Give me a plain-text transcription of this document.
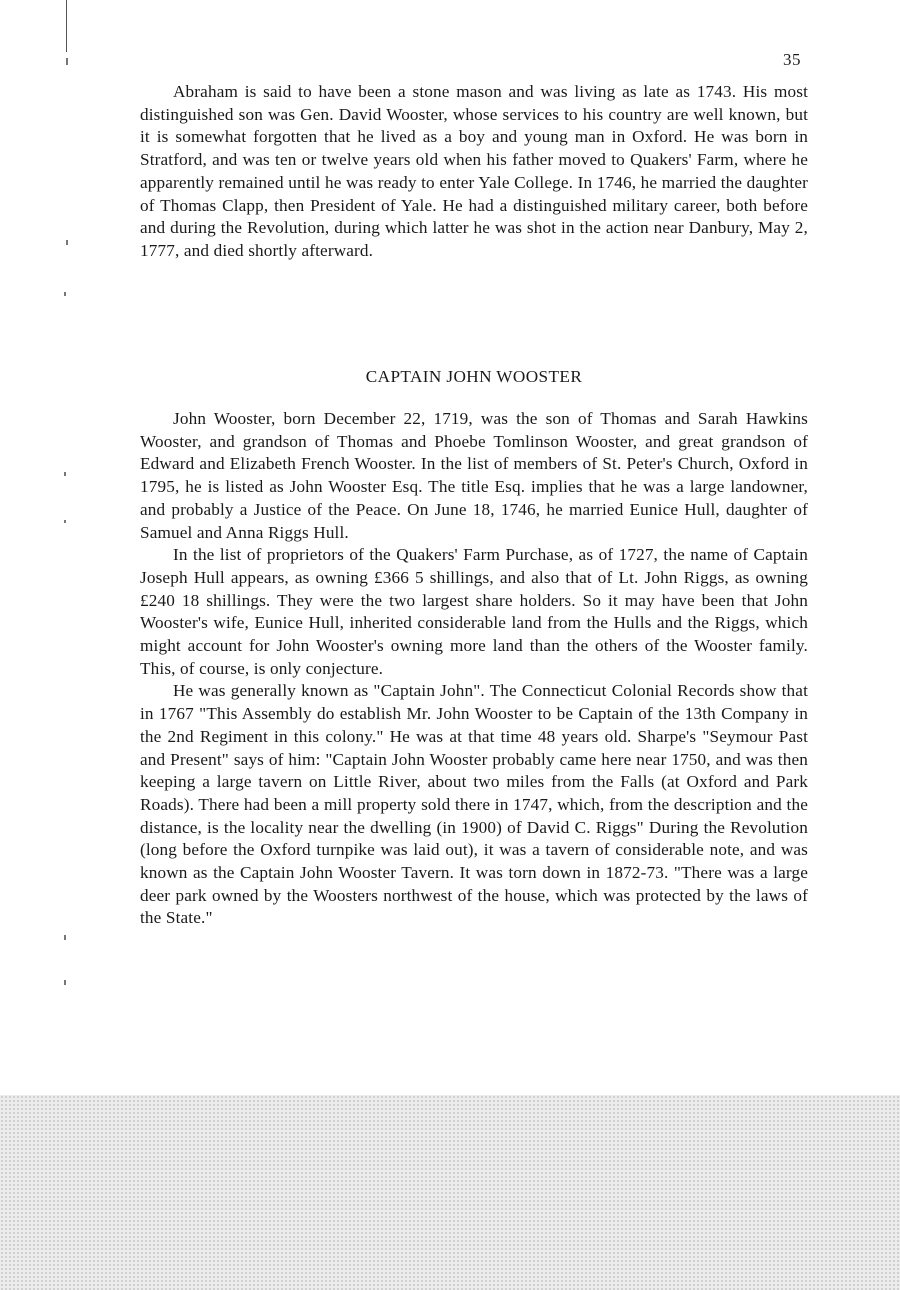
35

Abraham is said to have been a stone mason and was living as late as 1743. His most distinguished son was Gen. David Wooster, whose services to his country are well known, but it is somewhat forgotten that he lived as a boy and young man in Oxford. He was born in Stratford, and was ten or twelve years old when his father moved to Quakers' Farm, where he apparently remained until he was ready to enter Yale College. In 1746, he married the daughter of Thomas Clapp, then President of Yale. He had a distinguished military career, both before and during the Revolution, during which latter he was shot in the action near Danbury, May 2, 1777, and died shortly afterward.

CAPTAIN JOHN WOOSTER

John Wooster, born December 22, 1719, was the son of Thomas and Sarah Hawkins Wooster, and grandson of Thomas and Phoebe Tomlinson Wooster, and great grandson of Edward and Elizabeth French Wooster. In the list of members of St. Peter's Church, Oxford in 1795, he is listed as John Wooster Esq. The title Esq. implies that he was a large landowner, and probably a Justice of the Peace. On June 18, 1746, he married Eunice Hull, daughter of Samuel and Anna Riggs Hull.

In the list of proprietors of the Quakers' Farm Purchase, as of 1727, the name of Captain Joseph Hull appears, as owning £366 5 shillings, and also that of Lt. John Riggs, as owning £240 18 shillings. They were the two largest share holders. So it may have been that John Wooster's wife, Eunice Hull, inherited considerable land from the Hulls and the Riggs, which might account for John Wooster's owning more land than the others of the Wooster family. This, of course, is only conjecture.

He was generally known as "Captain John". The Connecticut Colonial Records show that in 1767 "This Assembly do establish Mr. John Wooster to be Captain of the 13th Company in the 2nd Regiment in this colony." He was at that time 48 years old. Sharpe's "Seymour Past and Present" says of him: "Captain John Wooster probably came here near 1750, and was then keeping a large tavern on Little River, about two miles from the Falls (at Oxford and Park Roads). There had been a mill property sold there in 1747, which, from the description and the distance, is the locality near the dwelling (in 1900) of David C. Riggs" During the Revolution (long before the Oxford turnpike was laid out), it was a tavern of considerable note, and was known as the Captain John Wooster Tavern. It was torn down in 1872-73. "There was a large deer park owned by the Woosters northwest of the house, which was protected by the laws of the State."
